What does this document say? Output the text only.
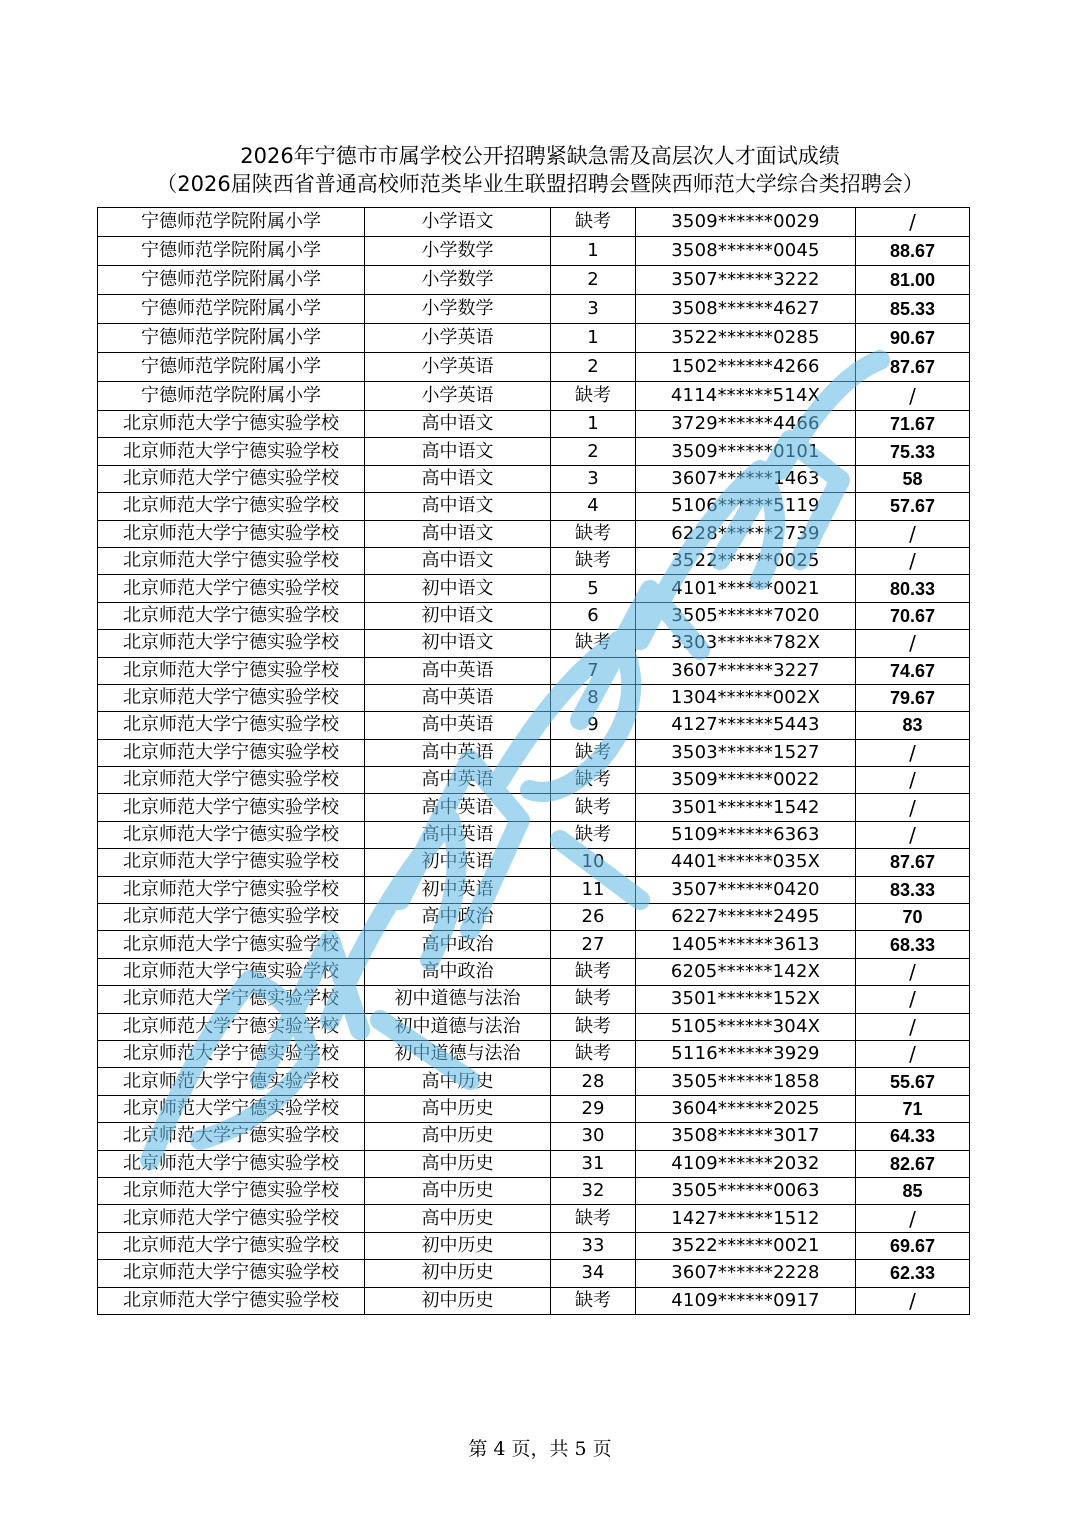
2026年宁德市市属学校公开招聘紧缺急需及高层次人才面试成绩
（2026届陕西省普通高校师范类毕业生联盟招聘会暨陕西师范大学综合类招聘会）
宁德师范学院附属小学	小学语文	缺考	3509******0029	/
宁德师范学院附属小学	小学数学	1	3508******0045	88.67
宁德师范学院附属小学	小学数学	2	3507******3222	81.00
宁德师范学院附属小学	小学数学	3	3508******4627	85.33
宁德师范学院附属小学	小学英语	1	3522******0285	90.67
宁德师范学院附属小学	小学英语	2	1502******4266	87.67
宁德师范学院附属小学	小学英语	缺考	4114******514X	/
北京师范大学宁德实验学校	高中语文	1	3729******4466	71.67
北京师范大学宁德实验学校	高中语文	2	3509******0101	75.33
北京师范大学宁德实验学校	高中语文	3	3607******1463	58
北京师范大学宁德实验学校	高中语文	4	5106******5119	57.67
北京师范大学宁德实验学校	高中语文	缺考	6228******2739	/
北京师范大学宁德实验学校	高中语文	缺考	3522******0025	/
北京师范大学宁德实验学校	初中语文	5	4101******0021	80.33
北京师范大学宁德实验学校	初中语文	6	3505******7020	70.67
北京师范大学宁德实验学校	初中语文	缺考	3303******782X	/
北京师范大学宁德实验学校	高中英语	7	3607******3227	74.67
北京师范大学宁德实验学校	高中英语	8	1304******002X	79.67
北京师范大学宁德实验学校	高中英语	9	4127******5443	83
北京师范大学宁德实验学校	高中英语	缺考	3503******1527	/
北京师范大学宁德实验学校	高中英语	缺考	3509******0022	/
北京师范大学宁德实验学校	高中英语	缺考	3501******1542	/
北京师范大学宁德实验学校	高中英语	缺考	5109******6363	/
北京师范大学宁德实验学校	初中英语	10	4401******035X	87.67
北京师范大学宁德实验学校	初中英语	11	3507******0420	83.33
北京师范大学宁德实验学校	高中政治	26	6227******2495	70
北京师范大学宁德实验学校	高中政治	27	1405******3613	68.33
北京师范大学宁德实验学校	高中政治	缺考	6205******142X	/
北京师范大学宁德实验学校	初中道德与法治	缺考	3501******152X	/
北京师范大学宁德实验学校	初中道德与法治	缺考	5105******304X	/
北京师范大学宁德实验学校	初中道德与法治	缺考	5116******3929	/
北京师范大学宁德实验学校	高中历史	28	3505******1858	55.67
北京师范大学宁德实验学校	高中历史	29	3604******2025	71
北京师范大学宁德实验学校	高中历史	30	3508******3017	64.33
北京师范大学宁德实验学校	高中历史	31	4109******2032	82.67
北京师范大学宁德实验学校	高中历史	32	3505******0063	85
北京师范大学宁德实验学校	高中历史	缺考	1427******1512	/
北京师范大学宁德实验学校	初中历史	33	3522******0021	69.67
北京师范大学宁德实验学校	初中历史	34	3607******2228	62.33
北京师范大学宁德实验学校	初中历史	缺考	4109******0917	/
第 4 页，共 5 页
